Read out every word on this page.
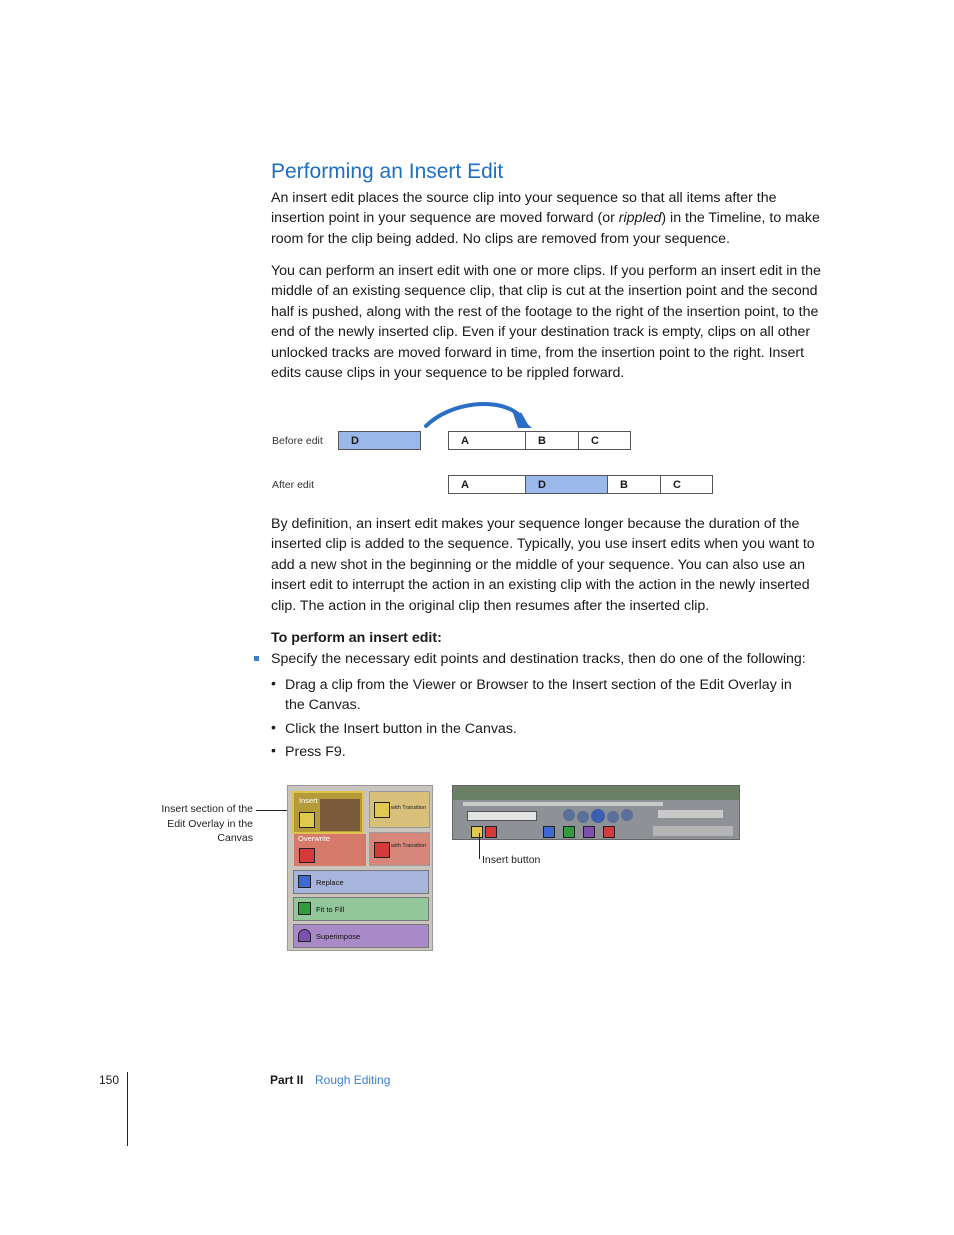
Performing an Insert Edit

An insert edit places the source clip into your sequence so that all items after the insertion point in your sequence are moved forward (or rippled) in the Timeline, to make room for the clip being added. No clips are removed from your sequence.

You can perform an insert edit with one or more clips. If you perform an insert edit in the middle of an existing sequence clip, that clip is cut at the insertion point and the second half is pushed, along with the rest of the footage to the right of the insertion point, to the end of the newly inserted clip. Even if your destination track is empty, clips on all other unlocked tracks are moved forward in time, from the insertion point to the right. Insert edits cause clips in your sequence to be rippled forward.

Before edit
After edit
D	A	B	C
A	D	B	C

By definition, an insert edit makes your sequence longer because the duration of the inserted clip is added to the sequence. Typically, you use insert edits when you want to add a new shot in the beginning or the middle of your sequence. You can also use an insert edit to interrupt the action in an existing clip with the action in the newly inserted clip. The action in the original clip then resumes after the inserted clip.

To perform an insert edit:

Specify the necessary edit points and destination tracks, then do one of the following:

• Drag a clip from the Viewer or Browser to the Insert section of the Edit Overlay in the Canvas.

• Click the Insert button in the Canvas.

• Press F9.

Insert section of the Edit Overlay in the Canvas
Insert
with Transition
Overwrite
with Transition
Replace
Fit to Fill
Superimpose
Insert button
150	Part II Rough Editing
